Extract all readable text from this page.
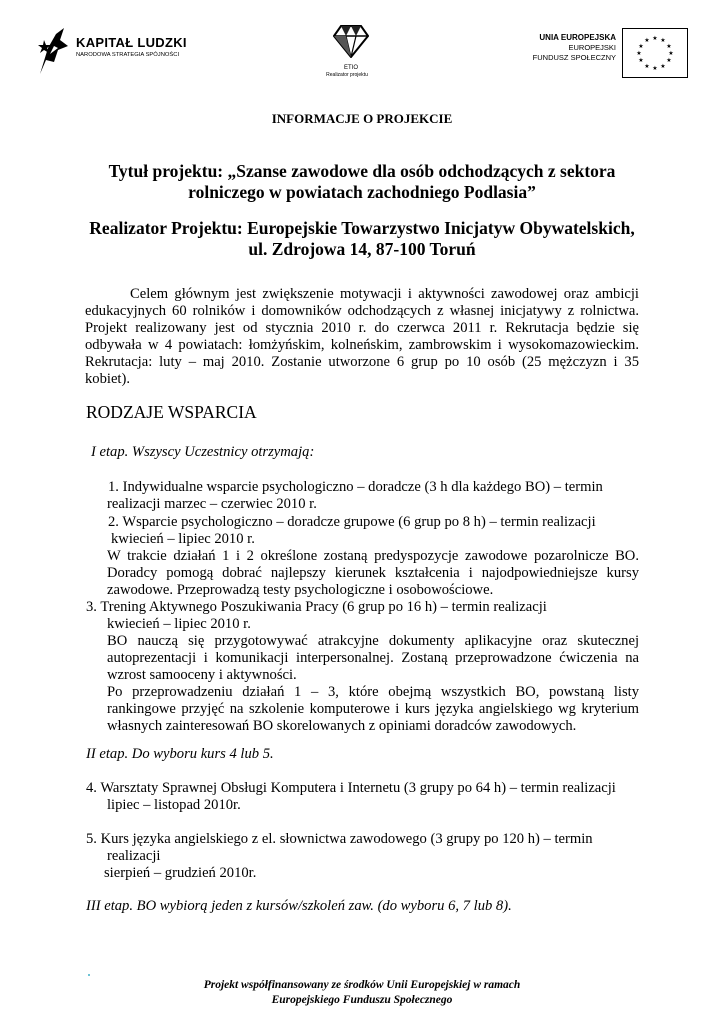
KAPITAŁ LUDZKI
NARODOWA STRATEGIA SPÓJNOŚCI
ETIO
Realizator projektu
UNIA EUROPEJSKA
EUROPEJSKI
FUNDUSZ SPOŁECZNY
★ ★
★
★
★
★
★
★
★
★
★
★
INFORMACJE O PROJEKCIE
Tytuł projektu: „Szanse zawodowe dla osób odchodzących z sektora
rolniczego w powiatach zachodniego Podlasia”
Realizator Projektu: Europejskie Towarzystwo Inicjatyw Obywatelskich,
ul. Zdrojowa 14, 87-100 Toruń
Celem głównym jest zwiększenie motywacji i aktywności zawodowej oraz ambicji edukacyjnych 60 rolników i domowników odchodzących z własnej inicjatywy z rolnictwa. Projekt realizowany jest od stycznia 2010 r. do czerwca 2011 r. Rekrutacja będzie się odbywała w 4 powiatach: łomżyńskim, kolneńskim, zambrowskim i wysokomazowieckim. Rekrutacja: luty – maj 2010. Zostanie utworzone 6 grup po 10 osób (25 mężczyzn i 35 kobiet).
RODZAJE WSPARCIA
I etap. Wszyscy Uczestnicy otrzymają:
1. Indywidualne wsparcie psychologiczno – doradcze (3 h dla każdego BO) – termin
realizacji marzec – czerwiec 2010 r.
2. Wsparcie psychologiczno – doradcze grupowe (6 grup po 8 h) – termin realizacji
kwiecień – lipiec 2010 r.
W trakcie działań 1 i 2 określone zostaną predyspozycje zawodowe pozarolnicze BO. Doradcy pomogą dobrać najlepszy kierunek kształcenia i najodpowiedniejsze kursy zawodowe. Przeprowadzą testy psychologiczne i osobowościowe.
3. Trening Aktywnego Poszukiwania Pracy (6 grup po 16 h) – termin realizacji
kwiecień – lipiec 2010 r.
BO nauczą się przygotowywać atrakcyjne dokumenty aplikacyjne oraz skutecznej autoprezentacji i komunikacji interpersonalnej. Zostaną przeprowadzone ćwiczenia na wzrost samooceny i aktywności.
Po przeprowadzeniu działań 1 – 3, które obejmą wszystkich BO, powstaną listy rankingowe przyjęć na szkolenie komputerowe i kurs języka angielskiego wg kryterium własnych zainteresowań BO skorelowanych z opiniami doradców zawodowych.
II etap. Do wyboru kurs 4 lub 5.
4. Warsztaty Sprawnej Obsługi Komputera i Internetu (3 grupy po 64 h) – termin realizacji
lipiec – listopad 2010r.
5. Kurs języka angielskiego z el. słownictwa zawodowego (3 grupy po 120 h) – termin
realizacji
sierpień – grudzień 2010r.
III etap. BO wybiorą jeden z kursów/szkoleń zaw. (do wyboru 6, 7 lub 8).
Projekt współfinansowany ze środków Unii Europejskiej w ramach
Europejskiego Funduszu Społecznego
